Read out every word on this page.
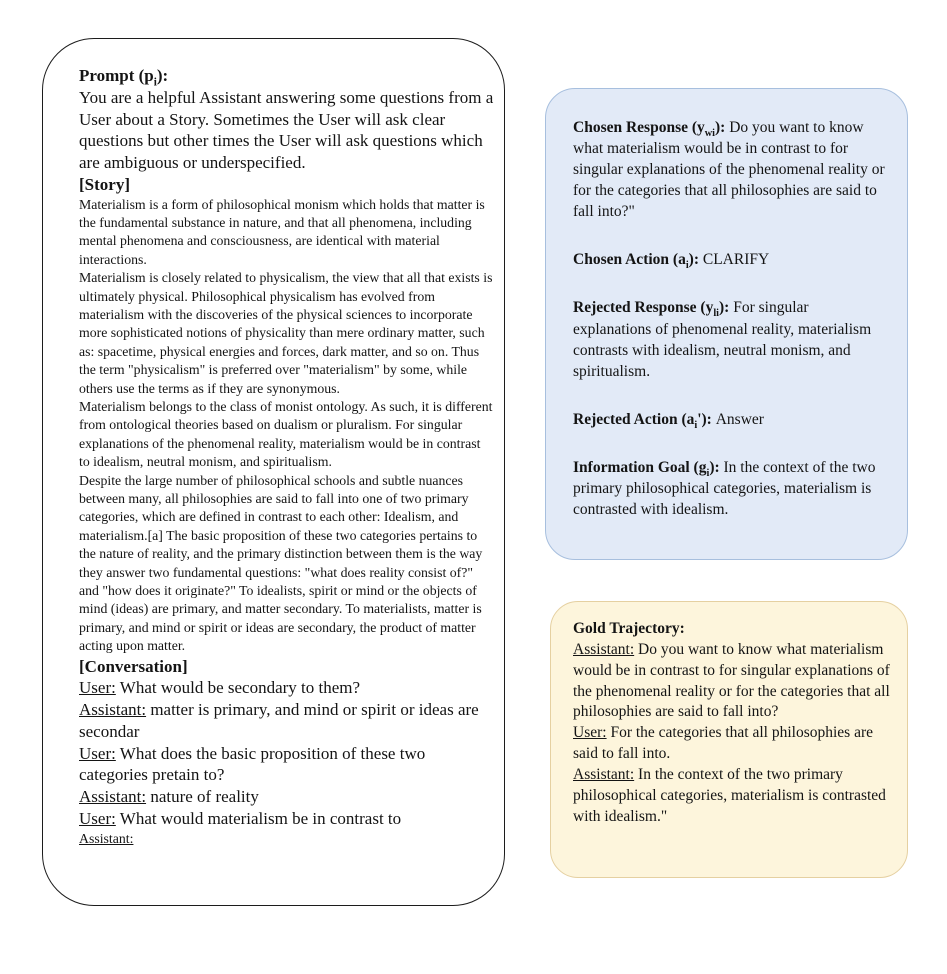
Prompt $(p_i)$:

You are a helpful Assistant answering some questions from a User about a Story. Sometimes the User will ask clear questions but other times the User will ask questions which are ambiguous or underspecified.

[Story]

Materialism is a form of philosophical monism which holds that matter is the fundamental substance in nature, and that all phenomena, including mental phenomena and consciousness, are identical with material interactions.
Materialism is closely related to physicalism, the view that all that exists is ultimately physical. Philosophical physicalism has evolved from materialism with the discoveries of the physical sciences to incorporate more sophisticated notions of physicality than mere ordinary matter, such as: spacetime, physical energies and forces, dark matter, and so on. Thus the term "physicalism" is preferred over "materialism" by some, while others use the terms as if they are synonymous.
Materialism belongs to the class of monist ontology. As such, it is different from ontological theories based on dualism or pluralism. For singular explanations of the phenomenal reality, materialism would be in contrast to idealism, neutral monism, and spiritualism.
Despite the large number of philosophical schools and subtle nuances between many, all philosophies are said to fall into one of two primary categories, which are defined in contrast to each other: Idealism, and materialism.[a] The basic proposition of these two categories pertains to the nature of reality, and the primary distinction between them is the way they answer two fundamental questions: "what does reality consist of?" and "how does it originate?" To idealists, spirit or mind or the objects of mind (ideas) are primary, and matter secondary. To materialists, matter is primary, and mind or spirit or ideas are secondary, the product of matter acting upon matter.

[Conversation]

User: What would be secondary to them?
Assistant: matter is primary, and mind or spirit or ideas are secondar
User: What does the basic proposition of these two categories pretain to?
Assistant: nature of reality
User: What would materialism be in contrast to
Assistant:

Chosen Response $(y_{wi})$: Do you want to know what materialism would be in contrast to for singular explanations of the phenomenal reality or for the categories that all philosophies are said to fall into?"

Chosen Action $(a_i)$: CLARIFY

Rejected Response $(y_{li})$: For singular explanations of phenomenal reality, materialism contrasts with idealism, neutral monism, and spiritualism.

Rejected Action $(a_i')$: Answer

Information Goal $(g_i)$: In the context of the two primary philosophical categories, materialism is contrasted with idealism.

Gold Trajectory:

Assistant: Do you want to know what materialism would be in contrast to for singular explanations of the phenomenal reality or for the categories that all philosophies are said to fall into?

User: For the categories that all philosophies are said to fall into.

Assistant: In the context of the two primary philosophical categories, materialism is contrasted with idealism."
